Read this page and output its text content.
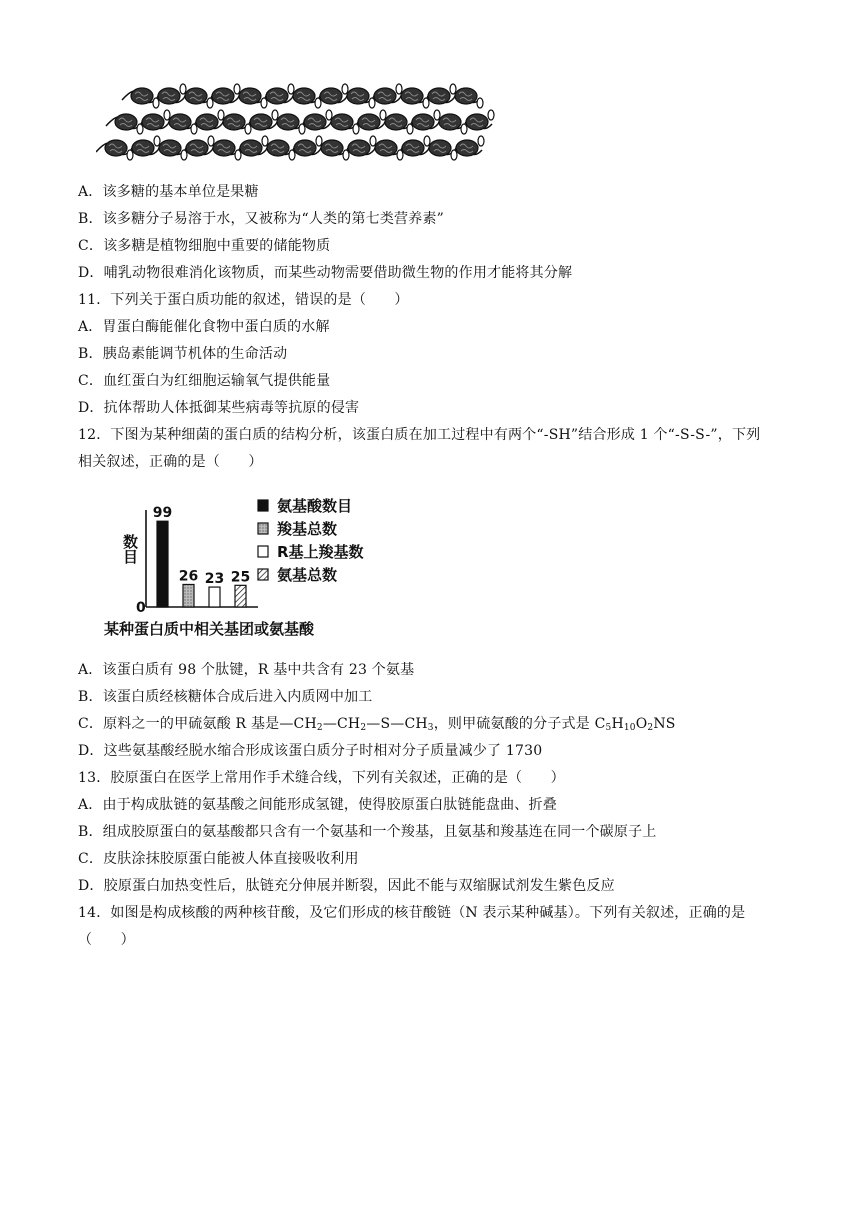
A．该多糖的基本单位是果糖
B．该多糖分子易溶于水，又被称为“人类的第七类营养素”
C．该多糖是植物细胞中重要的储能物质
D．哺乳动物很难消化该物质，而某些动物需要借助微生物的作用才能将其分解
11．下列关于蛋白质功能的叙述，错误的是（　　）
A．胃蛋白酶能催化食物中蛋白质的水解
B．胰岛素能调节机体的生命活动
C．血红蛋白为红细胞运输氧气提供能量
D．抗体帮助人体抵御某些病毒等抗原的侵害
12．下图为某种细菌的蛋白质的结构分析，该蛋白质在加工过程中有两个“-SH”结合形成 1 个“-S-S-”，下列
相关叙述，正确的是（　　）
数目
0
99
26 23 25
氨基酸数目
羧基总数
R基上羧基数
氨基总数
某种蛋白质中相关基团或氨基酸
A．该蛋白质有 98 个肽键，R 基中共含有 23 个氨基
B．该蛋白质经核糖体合成后进入内质网中加工
C．原料之一的甲硫氨酸 R 基是$—CH_2—CH_2—S—CH_3$，则甲硫氨酸的分子式是 $C_5H_{10}O_2NS$
D．这些氨基酸经脱水缩合形成该蛋白质分子时相对分子质量减少了 1730
13．胶原蛋白在医学上常用作手术缝合线，下列有关叙述，正确的是（　　）
A．由于构成肽链的氨基酸之间能形成氢键，使得胶原蛋白肽链能盘曲、折叠
B．组成胶原蛋白的氨基酸都只含有一个氨基和一个羧基，且氨基和羧基连在同一个碳原子上
C．皮肤涂抹胶原蛋白能被人体直接吸收利用
D．胶原蛋白加热变性后，肽链充分伸展并断裂，因此不能与双缩脲试剂发生紫色反应
14．如图是构成核酸的两种核苷酸，及它们形成的核苷酸链（N 表示某种碱基）。下列有关叙述，正确的是
（　　）
